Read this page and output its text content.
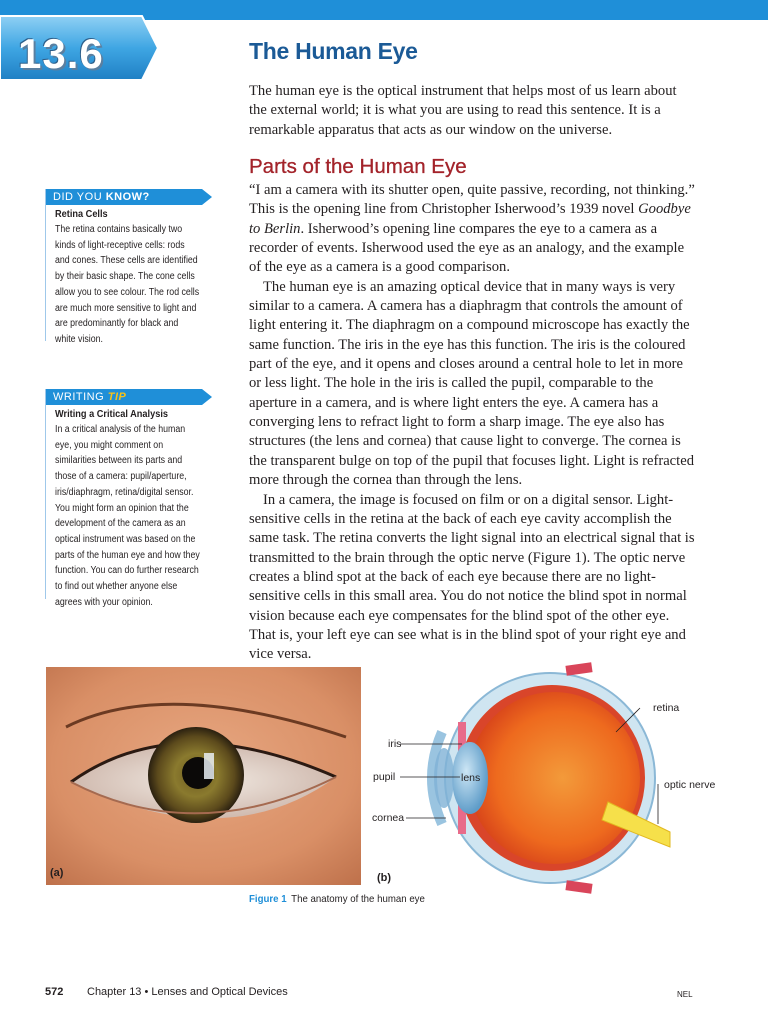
13.6	The Human Eye

The human eye is the optical instrument that helps most of us learn about the external world; it is what you are using to read this sentence. It is a remarkable apparatus that acts as our window on the universe.

Parts of the Human Eye

“I am a camera with its shutter open, quite passive, recording, not thinking.” This is the opening line from Christopher Isherwood’s 1939 novel Goodbye to Berlin. Isherwood’s opening line compares the eye to a camera as a recorder of events. Isherwood used the eye as an analogy, and the example of the eye as a camera is a good comparison.

The human eye is an amazing optical device that in many ways is very similar to a camera. A camera has a diaphragm that controls the amount of light entering it. The diaphragm on a compound microscope has exactly the same function. The iris in the eye has this function. The iris is the coloured part of the eye, and it opens and closes around a central hole to let in more or less light. The hole in the iris is called the pupil, comparable to the aperture in a camera, and is where light enters the eye. A camera has a converging lens to refract light to form a sharp image. The eye also has structures (the lens and cornea) that cause light to converge. The cornea is the transparent bulge on top of the pupil that focuses light. Light is refracted more through the cornea than through the lens.

In a camera, the image is focused on film or on a digital sensor. Light-sensitive cells in the retina at the back of each eye cavity accomplish the same task. The retina converts the light signal into an electrical signal that is transmitted to the brain through the optic nerve (Figure 1). The optic nerve creates a blind spot at the back of each eye because there are no light-sensitive cells in this small area. You do not notice the blind spot in normal vision because each eye compensates for the blind spot of the other eye. That is, your left eye can see what is in the blind spot of your right eye and vice versa.

DID YOU KNOW?
Retina Cells
The retina contains basically two kinds of light-receptive cells: rods and cones. These cells are identified by their basic shape. The cone cells allow you to see colour. The rod cells are much more sensitive to light and are predominantly for black and white vision.
WRITING TIP
Writing a Critical Analysis
In a critical analysis of the human eye, you might comment on similarities between its parts and those of a camera: pupil/aperture, iris/diaphragm, retina/digital sensor. You might form an opinion that the development of the camera as an optical instrument was based on the parts of the human eye and how they function. You can do further research to find out whether anyone else agrees with your opinion.
(a)
iris
pupil
cornea
lens
retina
optic nerve
(b)
Figure 1 The anatomy of the human eye
572 Chapter 13 • Lenses and Optical Devices	NEL
